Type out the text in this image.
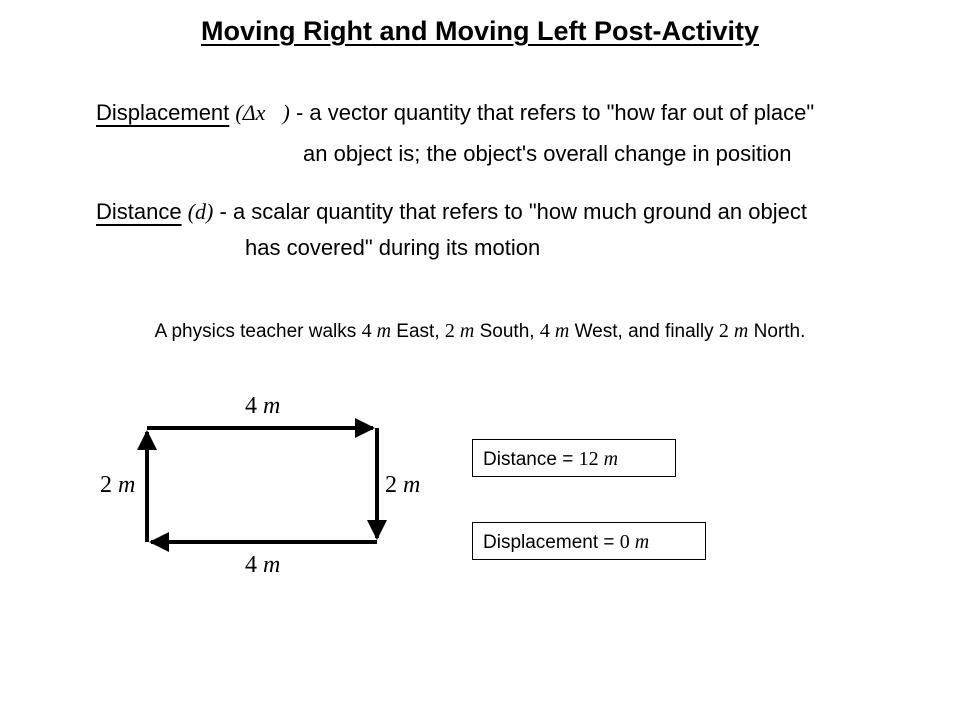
Moving Right and Moving Left Post-Activity
Displacement (Δx⃗) - a vector quantity that refers to "how far out of place"
an object is; the object's overall change in position
Distance (d) - a scalar quantity that refers to "how much ground an object
has covered" during its motion
A physics teacher walks 4 m East, 2 m South, 4 m West, and finally 2 m North.
4 m
2 m
4 m
2 m
Distance = 12 m
Displacement = 0 m
